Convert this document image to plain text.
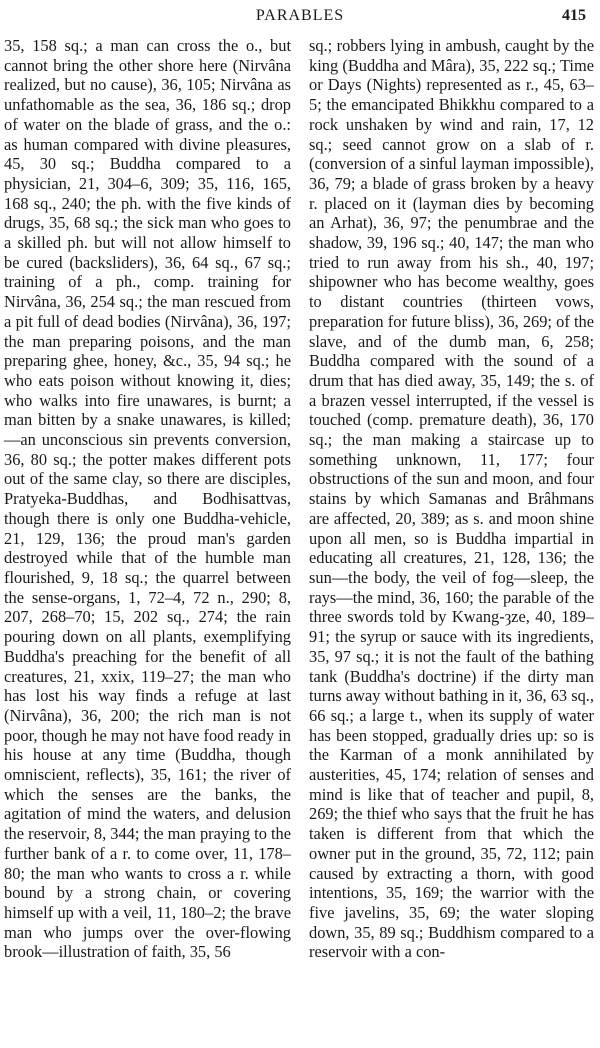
PARABLES	415

35, 158 sq.; a man can cross the o., but cannot bring the other shore here (Nirvâna realized, but no cause), 36, 105; Nirvâna as unfathomable as the sea, 36, 186 sq.; drop of water on the blade of grass, and the o.: as human compared with divine pleasures, 45, 30 sq.; Buddha compared to a physician, 21, 304–6, 309; 35, 116, 165, 168 sq., 240; the ph. with the five kinds of drugs, 35, 68 sq.; the sick man who goes to a skilled ph. but will not allow himself to be cured (backsliders), 36, 64 sq., 67 sq.; training of a ph., comp. training for Nirvâna, 36, 254 sq.; the man rescued from a pit full of dead bodies (Nirvâna), 36, 197; the man preparing poisons, and the man preparing ghee, honey, &c., 35, 94 sq.; he who eats poison without knowing it, dies; who walks into fire unawares, is burnt; a man bitten by a snake unawares, is killed; —an unconscious sin prevents conversion, 36, 80 sq.; the potter makes different pots out of the same clay, so there are disciples, Pratyeka-Buddhas, and Bodhisattvas, though there is only one Buddha-vehicle, 21, 129, 136; the proud man's garden destroyed while that of the humble man flourished, 9, 18 sq.; the quarrel between the sense-organs, 1, 72–4, 72 n., 290; 8, 207, 268–70; 15, 202 sq., 274; the rain pouring down on all plants, exemplifying Buddha's preaching for the benefit of all creatures, 21, xxix, 119–27; the man who has lost his way finds a refuge at last (Nirvâna), 36, 200; the rich man is not poor, though he may not have food ready in his house at any time (Buddha, though omniscient, reflects), 35, 161; the river of which the senses are the banks, the agitation of mind the waters, and delusion the reservoir, 8, 344; the man praying to the further bank of a r. to come over, 11, 178–80; the man who wants to cross a r. while bound by a strong chain, or covering himself up with a veil, 11, 180–2; the brave man who jumps over the over-flowing brook—illustration of faith, 35, 56

sq.; robbers lying in ambush, caught by the king (Buddha and Mâra), 35, 222 sq.; Time or Days (Nights) represented as r., 45, 63–5; the emancipated Bhikkhu compared to a rock unshaken by wind and rain, 17, 12 sq.; seed cannot grow on a slab of r. (conversion of a sinful layman impossible), 36, 79; a blade of grass broken by a heavy r. placed on it (layman dies by becoming an Arhat), 36, 97; the penumbrae and the shadow, 39, 196 sq.; 40, 147; the man who tried to run away from his sh., 40, 197; shipowner who has become wealthy, goes to distant countries (thirteen vows, preparation for future bliss), 36, 269; of the slave, and of the dumb man, 6, 258; Buddha compared with the sound of a drum that has died away, 35, 149; the s. of a brazen vessel interrupted, if the vessel is touched (comp. premature death), 36, 170 sq.; the man making a staircase up to something unknown, 11, 177; four obstructions of the sun and moon, and four stains by which Samanas and Brâhmans are affected, 20, 389; as s. and moon shine upon all men, so is Buddha impartial in educating all creatures, 21, 128, 136; the sun—the body, the veil of fog—sleep, the rays—the mind, 36, 160; the parable of the three swords told by Kwang-ȝze, 40, 189–91; the syrup or sauce with its ingredients, 35, 97 sq.; it is not the fault of the bathing tank (Buddha's doctrine) if the dirty man turns away without bathing in it, 36, 63 sq., 66 sq.; a large t., when its supply of water has been stopped, gradually dries up: so is the Karman of a monk annihilated by austerities, 45, 174; relation of senses and mind is like that of teacher and pupil, 8, 269; the thief who says that the fruit he has taken is different from that which the owner put in the ground, 35, 72, 112; pain caused by extracting a thorn, with good intentions, 35, 169; the warrior with the five javelins, 35, 69; the water sloping down, 35, 89 sq.; Buddhism compared to a reservoir with a con-
